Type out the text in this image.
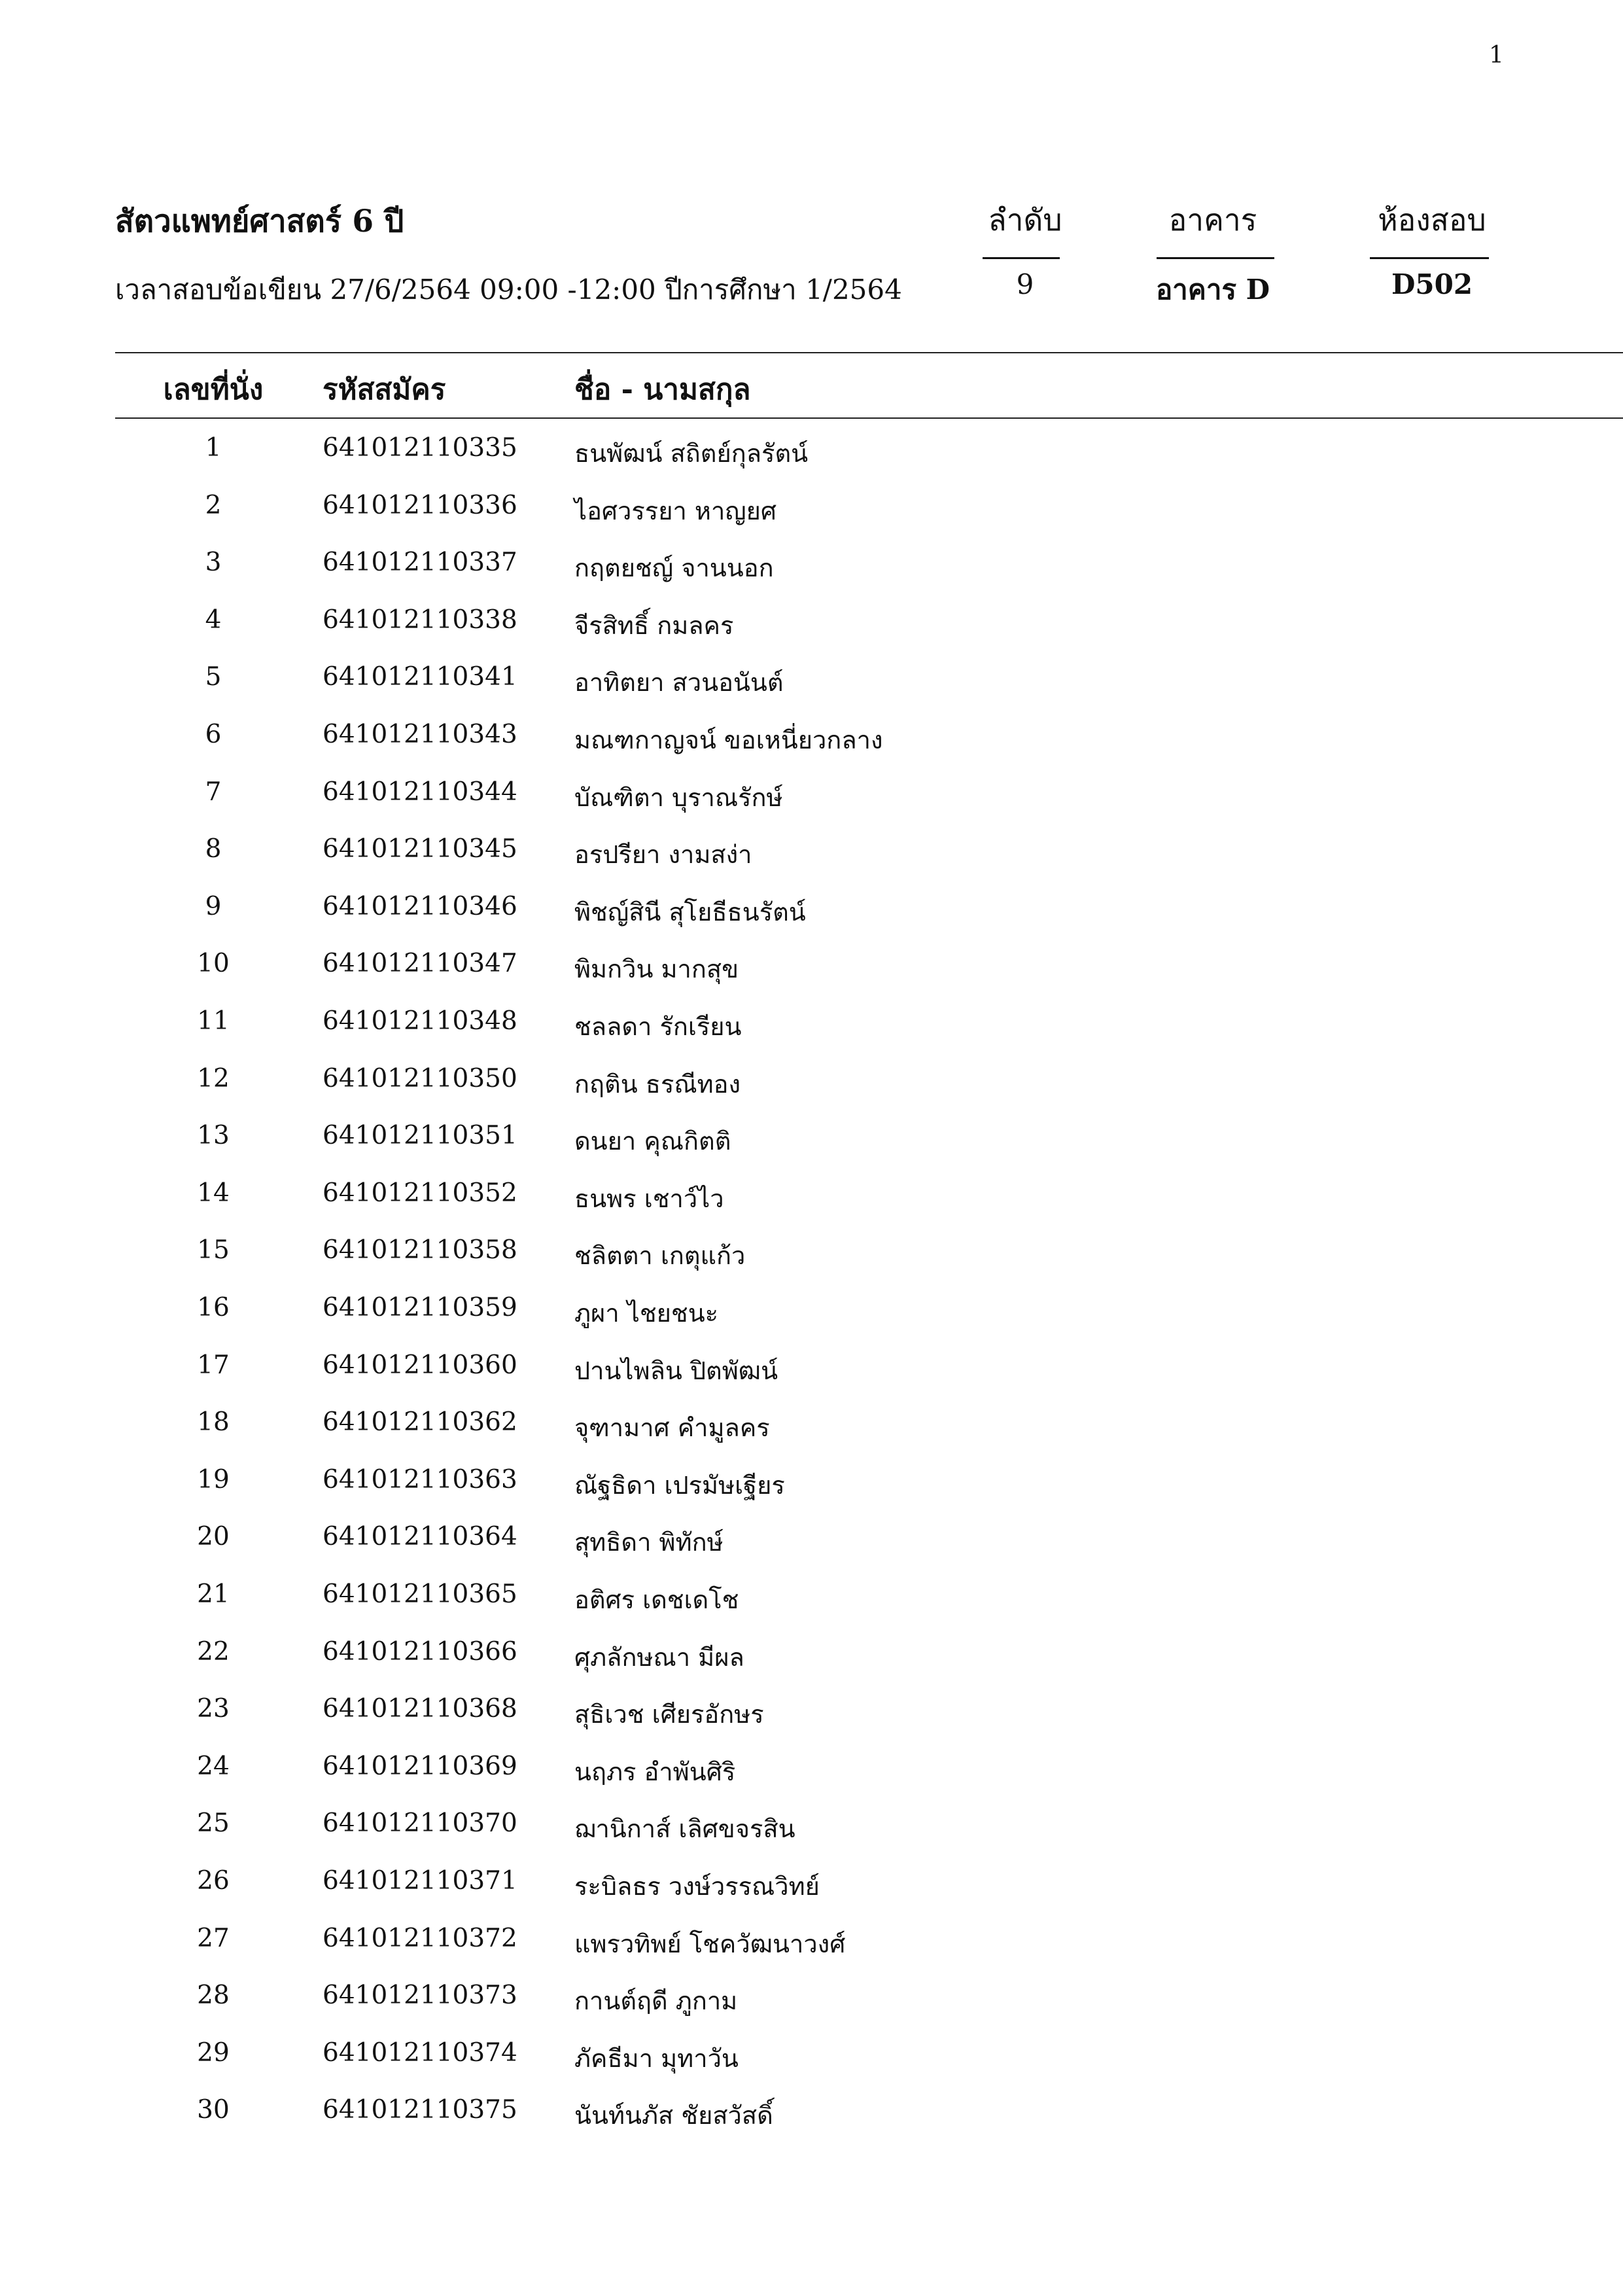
1
สัตวแพทย์ศาสตร์ 6 ปี
เวลาสอบข้อเขียน 27/6/2564 09:00 -12:00 ปีการศึกษา 1/2564
ลำดับ
9
อาคาร
อาคาร D
ห้องสอบ
D502
เลขที่นั่ง	รหัสสมัคร	ชื่อ - นามสกุล
1	641012110335 ธนพัฒน์ สถิตย์กุลรัตน์
2	641012110336 ไอศวรรยา หาญยศ
3	641012110337 กฤตยชญ์ จานนอก
4	641012110338 จีรสิทธิ์ กมลคร
5	641012110341 อาทิตยา สวนอนันต์
6	641012110343 มณฑกาญจน์ ขอเหนี่ยวกลาง
7	641012110344 บัณฑิตา บุราณรักษ์
8	641012110345 อรปรียา งามสง่า
9	641012110346 พิชญ์สินี สุโยธีธนรัตน์
10	641012110347 พิมกวิน มากสุข
11	641012110348 ชลลดา รักเรียน
12	641012110350 กฤติน ธรณีทอง
13	641012110351 ดนยา คุณกิตติ
14	641012110352 ธนพร เชาว์ไว
15	641012110358 ชลิตตา เกตุแก้ว
16	641012110359 ภูผา ไชยชนะ
17	641012110360 ปานไพลิน ปิตพัฒน์
18	641012110362 จุฑามาศ คำมูลคร
19	641012110363 ณัฐธิดา เปรมัษเฐียร
20	641012110364 สุทธิดา พิทักษ์
21	641012110365 อติศร เดชเดโช
22	641012110366 ศุภลักษณา มีผล
23	641012110368 สุธิเวช เศียรอักษร
24	641012110369 นฤภร อำพันศิริ
25	641012110370 ฌานิกาส์ เลิศขจรสิน
26	641012110371 ระบิลธร วงษ์วรรณวิทย์
27	641012110372 แพรวทิพย์ โชควัฒนาวงศ์
28	641012110373 กานต์ฤดี ภูกาม
29	641012110374 ภัคธีมา มุทาวัน
30	641012110375 นันท์นภัส ชัยสวัสดิ์
